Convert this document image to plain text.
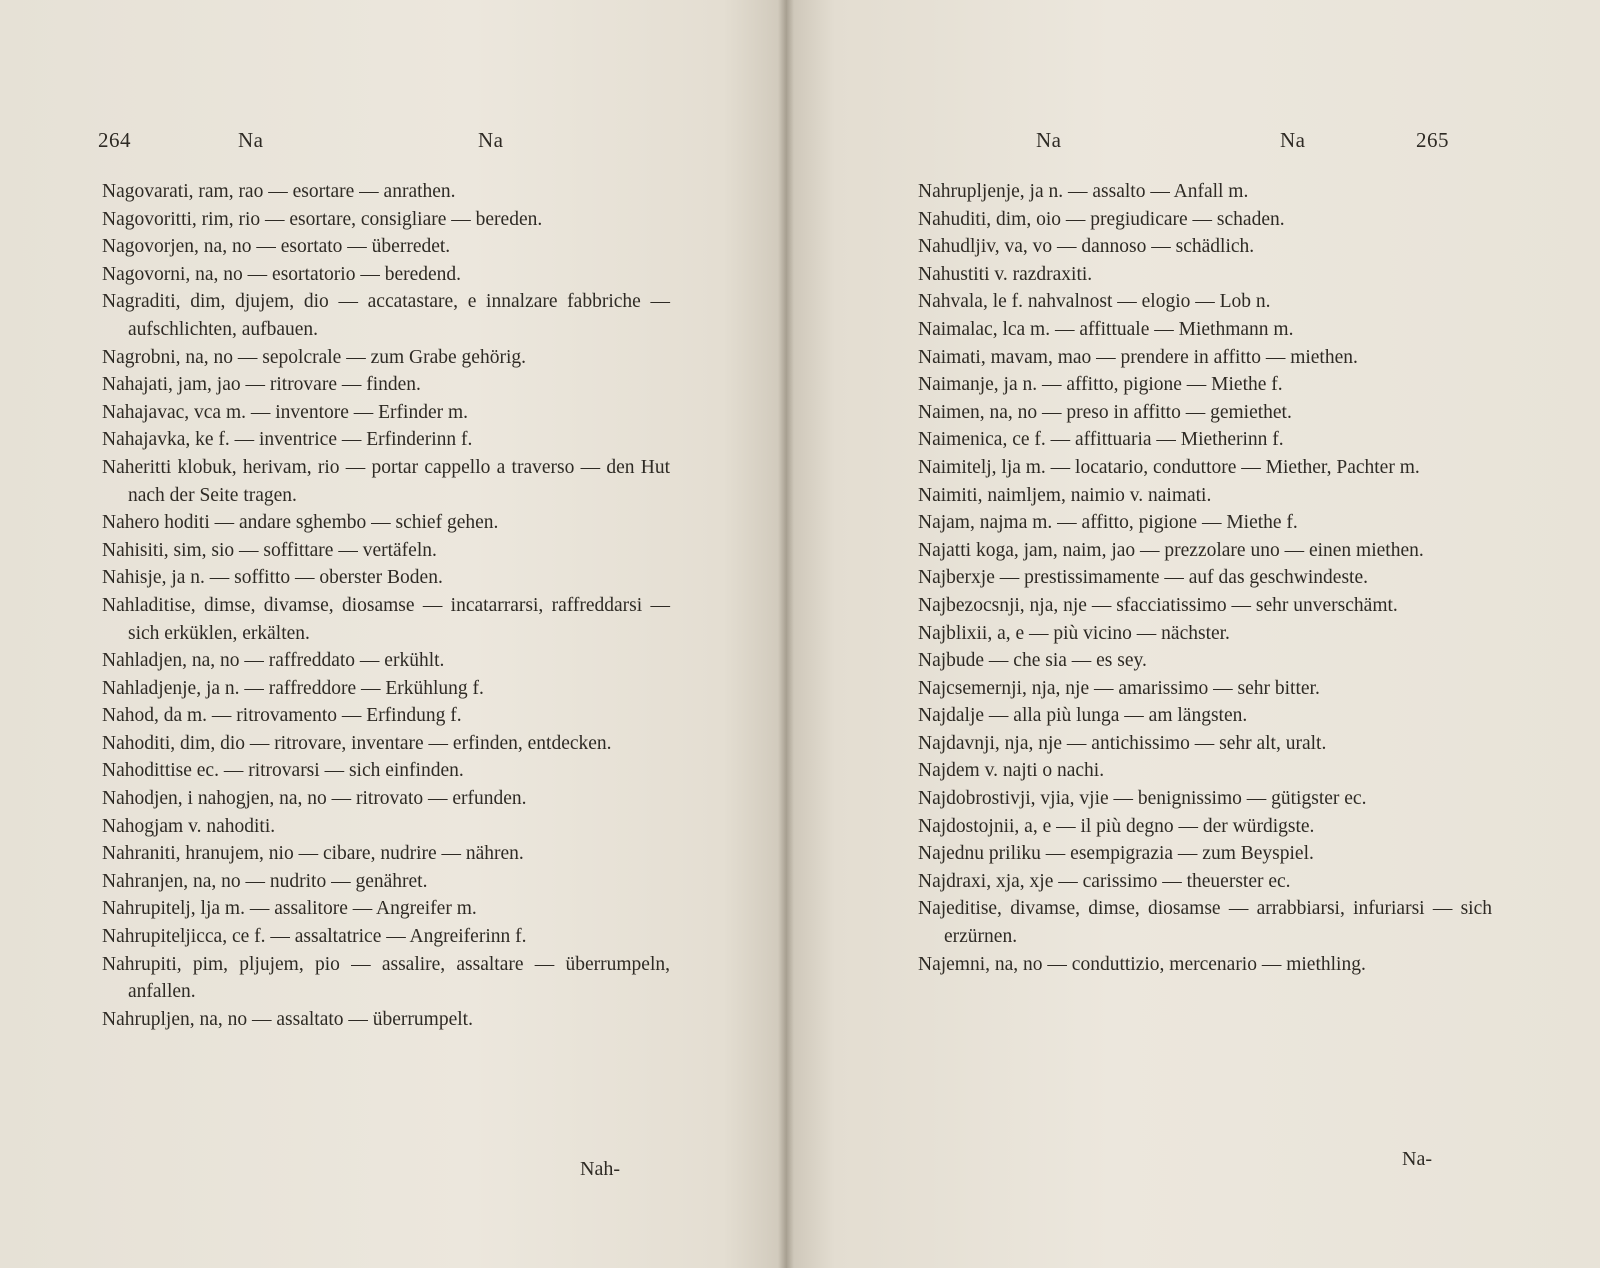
264	Na	Na

Nagovarati, ram, rao — esortare — anrathen.

Nagovoritti, rim, rio — esortare, consigliare — bereden.

Nagovorjen, na, no — esortato — überredet.

Nagovorni, na, no — esortatorio — beredend.

Nagraditi, dim, djujem, dio — accatastare, e innalzare fabbriche — aufschlichten, aufbauen.

Nagrobni, na, no — sepolcrale — zum Grabe gehörig.

Nahajati, jam, jao — ritrovare — finden.

Nahajavac, vca m. — inventore — Erfinder m.

Nahajavka, ke f. — inventrice — Erfinderinn f.

Naheritti klobuk, herivam, rio — portar cappello a traverso — den Hut nach der Seite tragen.

Nahero hoditi — andare sghembo — schief gehen.

Nahisiti, sim, sio — soffittare — vertäfeln.

Nahisje, ja n. — soffitto — oberster Boden.

Nahladitise, dimse, divamse, diosamse — incatarrarsi, raffreddarsi — sich erküklen, erkälten.

Nahladjen, na, no — raffreddato — erkühlt.

Nahladjenje, ja n. — raffreddore — Erkühlung f.

Nahod, da m. — ritrovamento — Erfindung f.

Nahoditi, dim, dio — ritrovare, inventare — erfinden, entdecken.

Nahodittise ec. — ritrovarsi — sich einfinden.

Nahodjen, i nahogjen, na, no — ritrovato — erfunden.

Nahogjam v. nahoditi.

Nahraniti, hranujem, nio — cibare, nudrire — nähren.

Nahranjen, na, no — nudrito — genähret.

Nahrupitelj, lja m. — assalitore — Angreifer m.

Nahrupiteljicca, ce f. — assaltatrice — Angreiferinn f.

Nahrupiti, pim, pljujem, pio — assalire, assaltare — überrumpeln, anfallen.

Nahrupljen, na, no — assaltato — überrumpelt.

Nah-
Na	Na	265

Nahrupljenje, ja n. — assalto — Anfall m.

Nahuditi, dim, oio — pregiudicare — schaden.

Nahudljiv, va, vo — dannoso — schädlich.

Nahustiti v. razdraxiti.

Nahvala, le f. nahvalnost — elogio — Lob n.

Naimalac, lca m. — affittuale — Miethmann m.

Naimati, mavam, mao — prendere in affitto — miethen.

Naimanje, ja n. — affitto, pigione — Miethe f.

Naimen, na, no — preso in affitto — gemiethet.

Naimenica, ce f. — affittuaria — Mietherinn f.

Naimitelj, lja m. — locatario, conduttore — Miether, Pachter m.

Naimiti, naimljem, naimio v. naimati.

Najam, najma m. — affitto, pigione — Miethe f.

Najatti koga, jam, naim, jao — prezzolare uno — einen miethen.

Najberxje — prestissimamente — auf das geschwindeste.

Najbezocsnji, nja, nje — sfacciatissimo — sehr unverschämt.

Najblixii, a, e — più vicino — nächster.

Najbude — che sia — es sey.

Najcsemernji, nja, nje — amarissimo — sehr bitter.

Najdalje — alla più lunga — am längsten.

Najdavnji, nja, nje — antichissimo — sehr alt, uralt.

Najdem v. najti o nachi.

Najdobrostivji, vjia, vjie — benignissimo — gütigster ec.

Najdostojnii, a, e — il più degno — der würdigste.

Najednu priliku — esempigrazia — zum Beyspiel.

Najdraxi, xja, xje — carissimo — theuerster ec.

Najeditise, divamse, dimse, diosamse — arrabbiarsi, infuriarsi — sich erzürnen.

Najemni, na, no — conduttizio, mercenario — miethling.

Na-
